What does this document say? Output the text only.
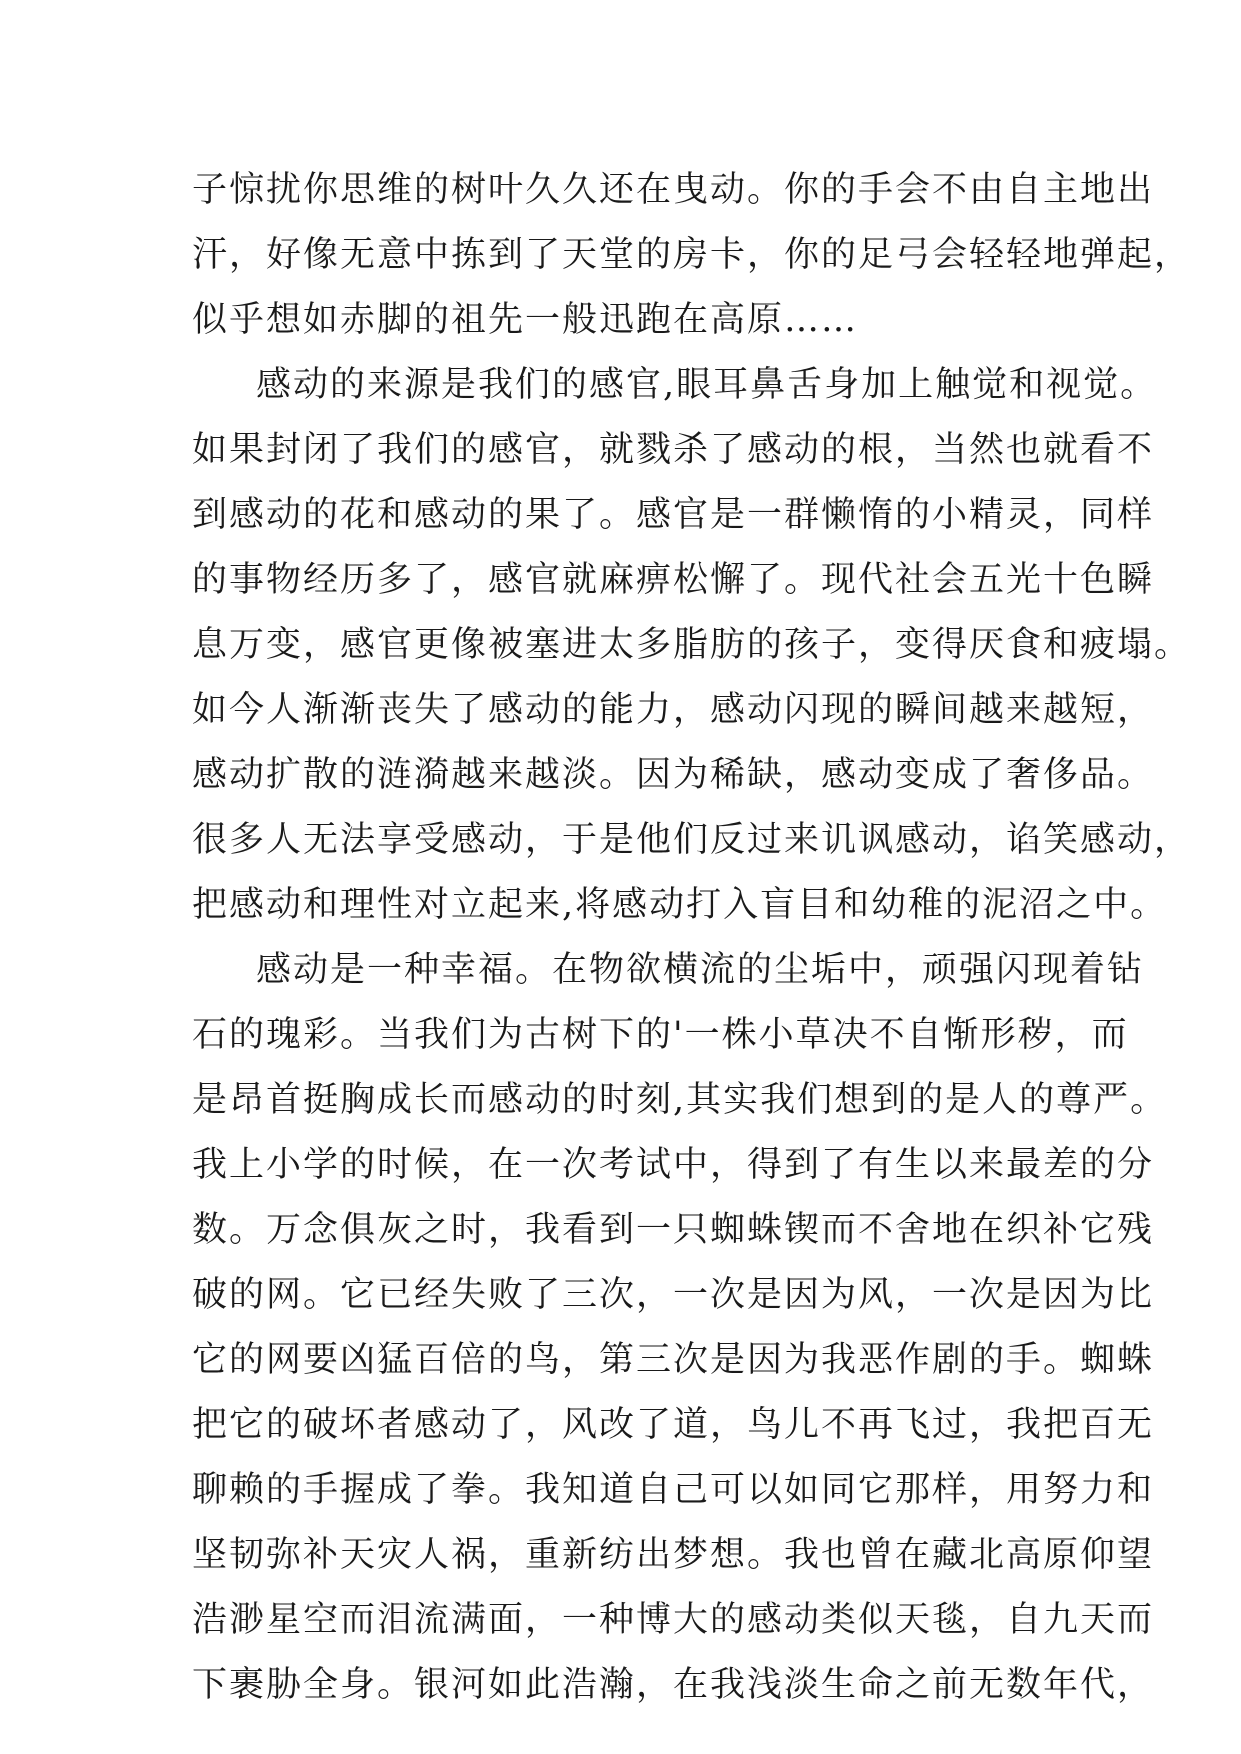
子惊扰你思维的树叶久久还在曳动。你的手会不由自主地出
汗，好像无意中拣到了天堂的房卡，你的足弓会轻轻地弹起，
似乎想如赤脚的祖先一般迅跑在高原……
感动的来源是我们的感官,眼耳鼻舌身加上触觉和视觉。
如果封闭了我们的感官，就戮杀了感动的根，当然也就看不
到感动的花和感动的果了。感官是一群懒惰的小精灵，同样
的事物经历多了，感官就麻痹松懈了。现代社会五光十色瞬
息万变，感官更像被塞进太多脂肪的孩子，变得厌食和疲塌。
如今人渐渐丧失了感动的能力，感动闪现的瞬间越来越短，
感动扩散的涟漪越来越淡。因为稀缺，感动变成了奢侈品。
很多人无法享受感动，于是他们反过来讥讽感动，谄笑感动，
把感动和理性对立起来,将感动打入盲目和幼稚的泥沼之中。
感动是一种幸福。在物欲横流的尘垢中，顽强闪现着钻
石的瑰彩。当我们为古树下的'一株小草决不自惭形秽，而
是昂首挺胸成长而感动的时刻,其实我们想到的是人的尊严。
我上小学的时候，在一次考试中，得到了有生以来最差的分
数。万念俱灰之时，我看到一只蜘蛛锲而不舍地在织补它残
破的网。它已经失败了三次，一次是因为风，一次是因为比
它的网要凶猛百倍的鸟，第三次是因为我恶作剧的手。蜘蛛
把它的破坏者感动了，风改了道，鸟儿不再飞过，我把百无
聊赖的手握成了拳。我知道自己可以如同它那样，用努力和
坚韧弥补天灾人祸，重新纺出梦想。我也曾在藏北高原仰望
浩渺星空而泪流满面，一种博大的感动类似天毯，自九天而
下裹胁全身。银河如此浩瀚，在我浅淡生命之前无数年代，
